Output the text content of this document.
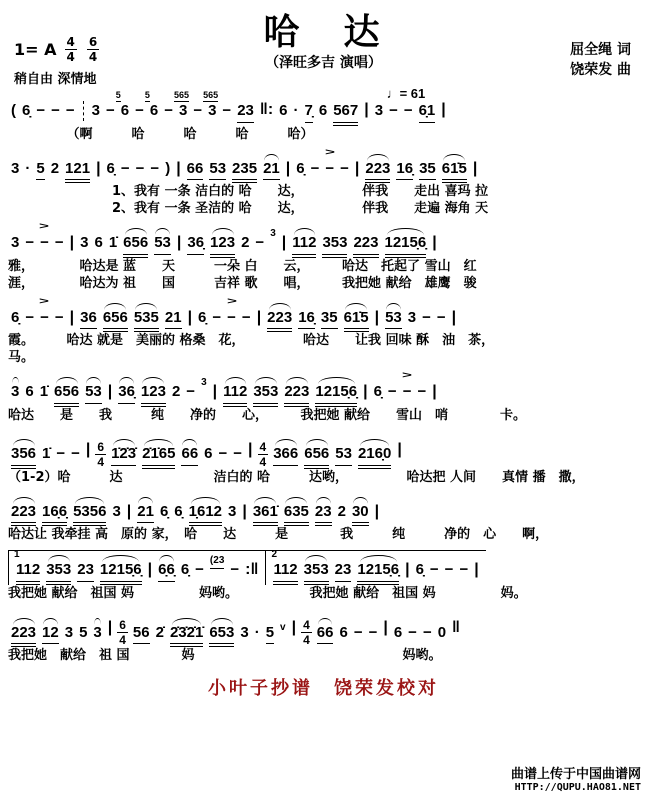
哈　达
（泽旺多吉 演唱）
1= A $\frac{4}{4} \frac{6}{4}$
稍自由 深情地
屈全绳 词
饶荣发 曲
♩= 61
( 6̣ − − − 3 − 6
5
− 6
5
− 3
565
− 3
565
− 23 ‖: 6 · 7̣ 6 567 | 3 − − 6̣1 |
　　　　　（啊　　　哈　　　哈　　　哈　　　哈）
3 · 5 2 121 | 6̣ − − − ) | 66 53 235 21 | 6̣ − −
>
− | 223 16̣ 35 61̇5 |
　　　　　　　　1、我有 一条 洁白的 哈　　达，　　　　　伴我　　走出 喜玛 拉
　　　　　　　　2、我有 一条 圣洁的 哈　　达，　　　　　伴我　　走遍 海角 天
3 − −
>
− | 3 6 1̇ 656 53 | 36̣ 123 2 −3| 112 353 223 1215̣6̣ |
雅，　　　　哈达是 蓝　　天　　　一朵 白　　云，　　　哈达　托起了 雪山　红
涯，　　　　哈达为 祖　　国　　　吉祥 歌　　唱，　　　我把她 献给　雄鹰　骏
6̣ − −
>
− | 36 656 535 21 | 6̣ − −
>
− | 223 16̣ 35 61̇5 | 53 3 − − |
霞。　　　哈达 就是　美丽的 格桑　花，　　　　　哈达　　让我 回味 酥　油　茶，
马。
3 6 1̇ 656 53 | 36̣ 123 2 −3| 112 353 223 1215̣6̣ | 6̣ − −
>
− |
哈达　　是　　我　　　纯　　净的　　心，　　　我把她 献给　　雪山　哨　　　　卡。
356 1̇ − − | $\frac{6}{4}$ 1̇2̇3̇ 2̇1̇65 66 6 − − | $\frac{4}{4} 366$ 656 53 216̣0 |
（1-2）哈　　　达　　　　　　　洁白的 哈　　　达哟，　　　　　哈达把 人间　　真情 播　撒，
223 16̣6̣ 5356 3 | 21 6̣ 6̣ 1̣612 3 | 361̇ 635 23 2 30 |
哈达让 我牵挂 高　原的 家，　哈　　达　　　是　　　　我　　　纯　　　净的　心　　啊，
1
112 353 23 1215̣6̣ | 6̣6̣ 6̣ −(23− :‖
2
112 353 23 1215̣6̣ | 6̣ − − − |
我把她 献给　祖国 妈　　　　　妈哟。　　　　　　我把她 献给　祖国 妈　　　　　妈。
223 12 3 5 3 | $\frac{6}{4} 56$ 2̇ 2̇3̇2̇1̇ 653 3 · 5 v | $\frac{4}{4} 66$ 6 − − | 6 − − 0 ‖
我把她　献给　祖 国　　　　妈　　　　　　　　　　　　　　　　妈哟。
小叶子抄谱　饶荣发校对
曲谱上传于中国曲谱网
HTTP://QUPU.HAO81.NET
